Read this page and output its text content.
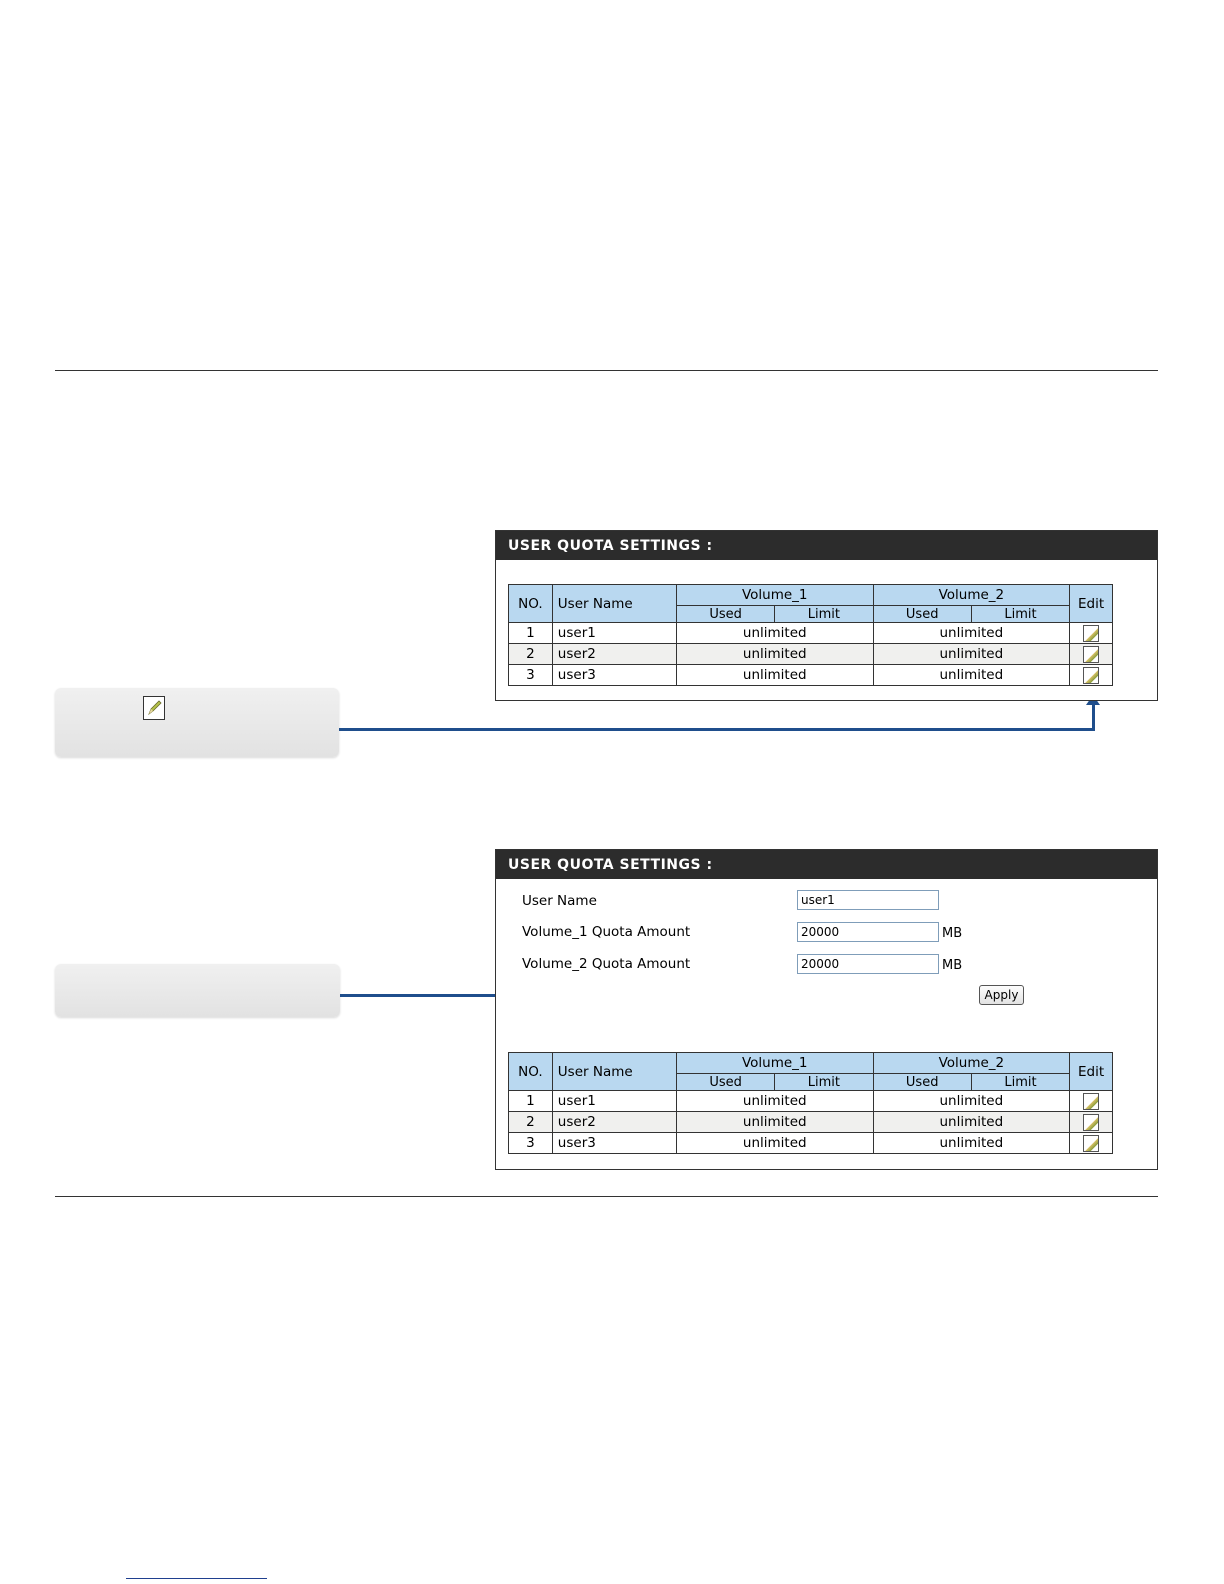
USER QUOTA SETTINGS :
NO.	User Name	Volume_1		Volume_2		Edit
		Used	Limit	Used	Limit	
1	user1	unlimited		unlimited		
2	user2	unlimited		unlimited		
3	user3	unlimited		unlimited		
USER QUOTA SETTINGS :
User Name
user1
Volume_1 Quota Amount
20000	MB
Volume_2 Quota Amount
20000	MB
Apply
NO.	User Name	Volume_1		Volume_2		Edit
		Used	Limit	Used	Limit	
1	user1	unlimited		unlimited		
2	user2	unlimited		unlimited		
3	user3	unlimited		unlimited		
